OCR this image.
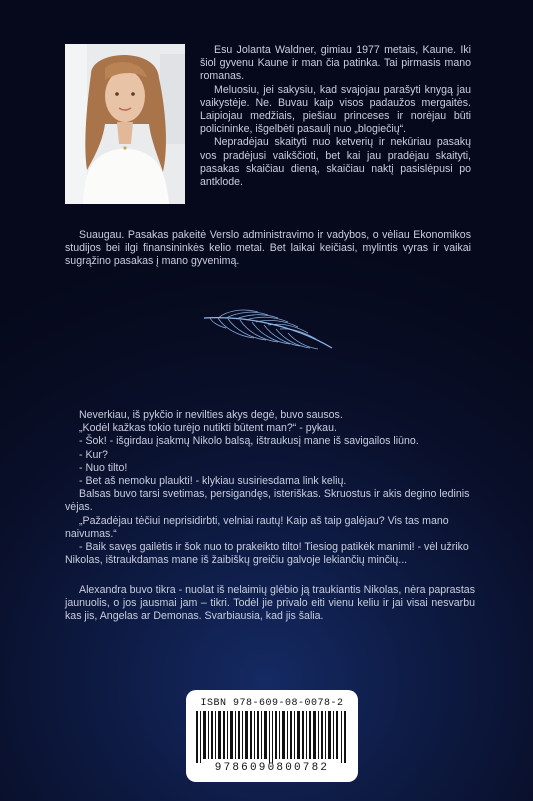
Esu Jolanta Waldner, gimiau 1977 metais, Kaune. Iki šiol gyvenu Kaune ir man čia patinka. Tai pirmasis mano romanas.

Meluosiu, jei sakysiu, kad svajojau parašyti knygą jau vaikystėje. Ne. Buvau kaip visos padaužos mergaitės. Laipiojau medžiais, piešiau princeses ir norėjau būti policininke, išgelbėti pasaulį nuo „blogiečių“.

Nepradėjau skaityti nuo ketverių ir nekūriau pasakų vos pradėjusi vaikščioti, bet kai jau pradėjau skaityti, pasakas skaičiau dieną, skaičiau naktį pasislėpusi po antklode.

Suaugau. Pasakas pakeitė Verslo administravimo ir vadybos, o vėliau Ekonomikos studijos bei ilgi finansininkės kelio metai. Bet laikai keičiasi, mylintis vyras ir vaikai sugrąžino pasakas į mano gyvenimą.

Neverkiau, iš pykčio ir nevilties akys degė, buvo sausos.

„Kodėl kažkas tokio turėjo nutikti būtent man?“ - pykau.

- Šok! - išgirdau įsakmų Nikolo balsą, ištraukusį mane iš savigailos liūno.

- Kur?

- Nuo tilto!

- Bet aš nemoku plaukti! - klykiau susiriesdama link kelių.

Balsas buvo tarsi svetimas, persigandęs, isteriškas. Skruostus ir akis degino ledinis vėjas.

„Pažadėjau tėčiui neprisidirbti, velniai rautų! Kaip aš taip galėjau? Vis tas mano naivumas.“

- Baik savęs gailėtis ir šok nuo to prakeikto tilto! Tiesiog patikėk manimi! - vėl užriko Nikolas, ištraukdamas mane iš žaibiškų greičiu galvoje lekiančių minčių...

Alexandra buvo tikra - nuolat iš nelaimių glėbio ją traukiantis Nikolas, nėra paprastas jaunuolis, o jos jausmai jam – tikri. Todėl jie privalo eiti vienu keliu ir jai visai nesvarbu kas jis, Angelas ar Demonas. Svarbiausia, kad jis šalia.

ISBN 978-609-08-0078-2
9786090800782
